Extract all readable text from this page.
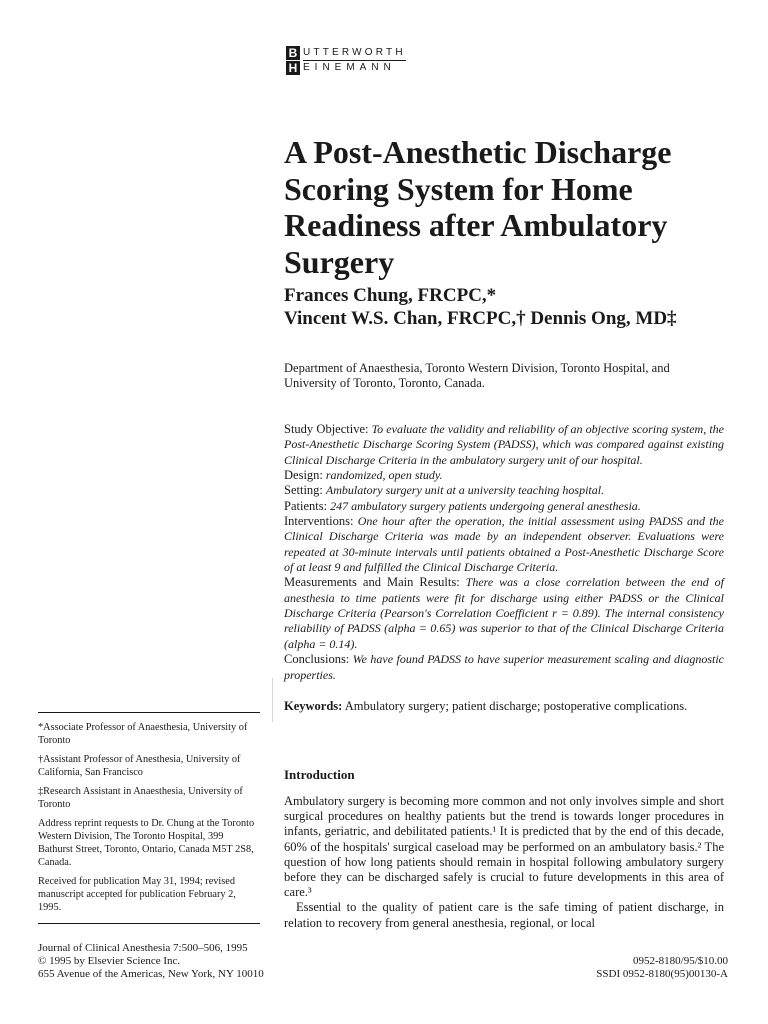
B
H
UTTERWORTH
EINEMANN
A Post-Anesthetic Discharge Scoring System for Home Readiness after Ambulatory Surgery
Frances Chung, FRCPC,*
Vincent W.S. Chan, FRCPC,† Dennis Ong, MD‡
Department of Anaesthesia, Toronto Western Division, Toronto Hospital, and University of Toronto, Toronto, Canada.

Study Objective: To evaluate the validity and reliability of an objective scoring system, the Post-Anesthetic Discharge Scoring System (PADSS), which was compared against existing Clinical Discharge Criteria in the ambulatory surgery unit of our hospital.

Design: randomized, open study.

Setting: Ambulatory surgery unit at a university teaching hospital.

Patients: 247 ambulatory surgery patients undergoing general anesthesia.

Interventions: One hour after the operation, the initial assessment using PADSS and the Clinical Discharge Criteria was made by an independent observer. Evaluations were repeated at 30-minute intervals until patients obtained a Post-Anesthetic Discharge Score of at least 9 and fulfilled the Clinical Discharge Criteria.

Measurements and Main Results: There was a close correlation between the end of anesthesia to time patients were fit for discharge using either PADSS or the Clinical Discharge Criteria (Pearson's Correlation Coefficient r = 0.89). The internal consistency reliability of PADSS (alpha = 0.65) was superior to that of the Clinical Discharge Criteria (alpha = 0.14).

Conclusions: We have found PADSS to have superior measurement scaling and diagnostic properties.

Keywords: Ambulatory surgery; patient discharge; postoperative complications.
Introduction

Ambulatory surgery is becoming more common and not only involves simple and short surgical procedures on healthy patients but the trend is towards longer procedures in infants, geriatric, and debilitated patients.¹ It is predicted that by the end of this decade, 60% of the hospitals' surgical caseload may be performed on an ambulatory basis.² The question of how long patients should remain in hospital following ambulatory surgery before they can be discharged safely is crucial to future developments in this area of care.³

Essential to the quality of patient care is the safe timing of patient discharge, in relation to recovery from general anesthesia, regional, or local

*Associate Professor of Anaesthesia, University of Toronto

†Assistant Professor of Anesthesia, University of California, San Francisco

‡Research Assistant in Anaesthesia, University of Toronto

Address reprint requests to Dr. Chung at the Toronto Western Division, The Toronto Hospital, 399 Bathurst Street, Toronto, Ontario, Canada M5T 2S8, Canada.

Received for publication May 31, 1994; revised manuscript accepted for publication February 2, 1995.

Journal of Clinical Anesthesia 7:500–506, 1995
© 1995 by Elsevier Science Inc.
655 Avenue of the Americas, New York, NY 10010
0952-8180/95/$10.00
SSDI 0952-8180(95)00130-A
